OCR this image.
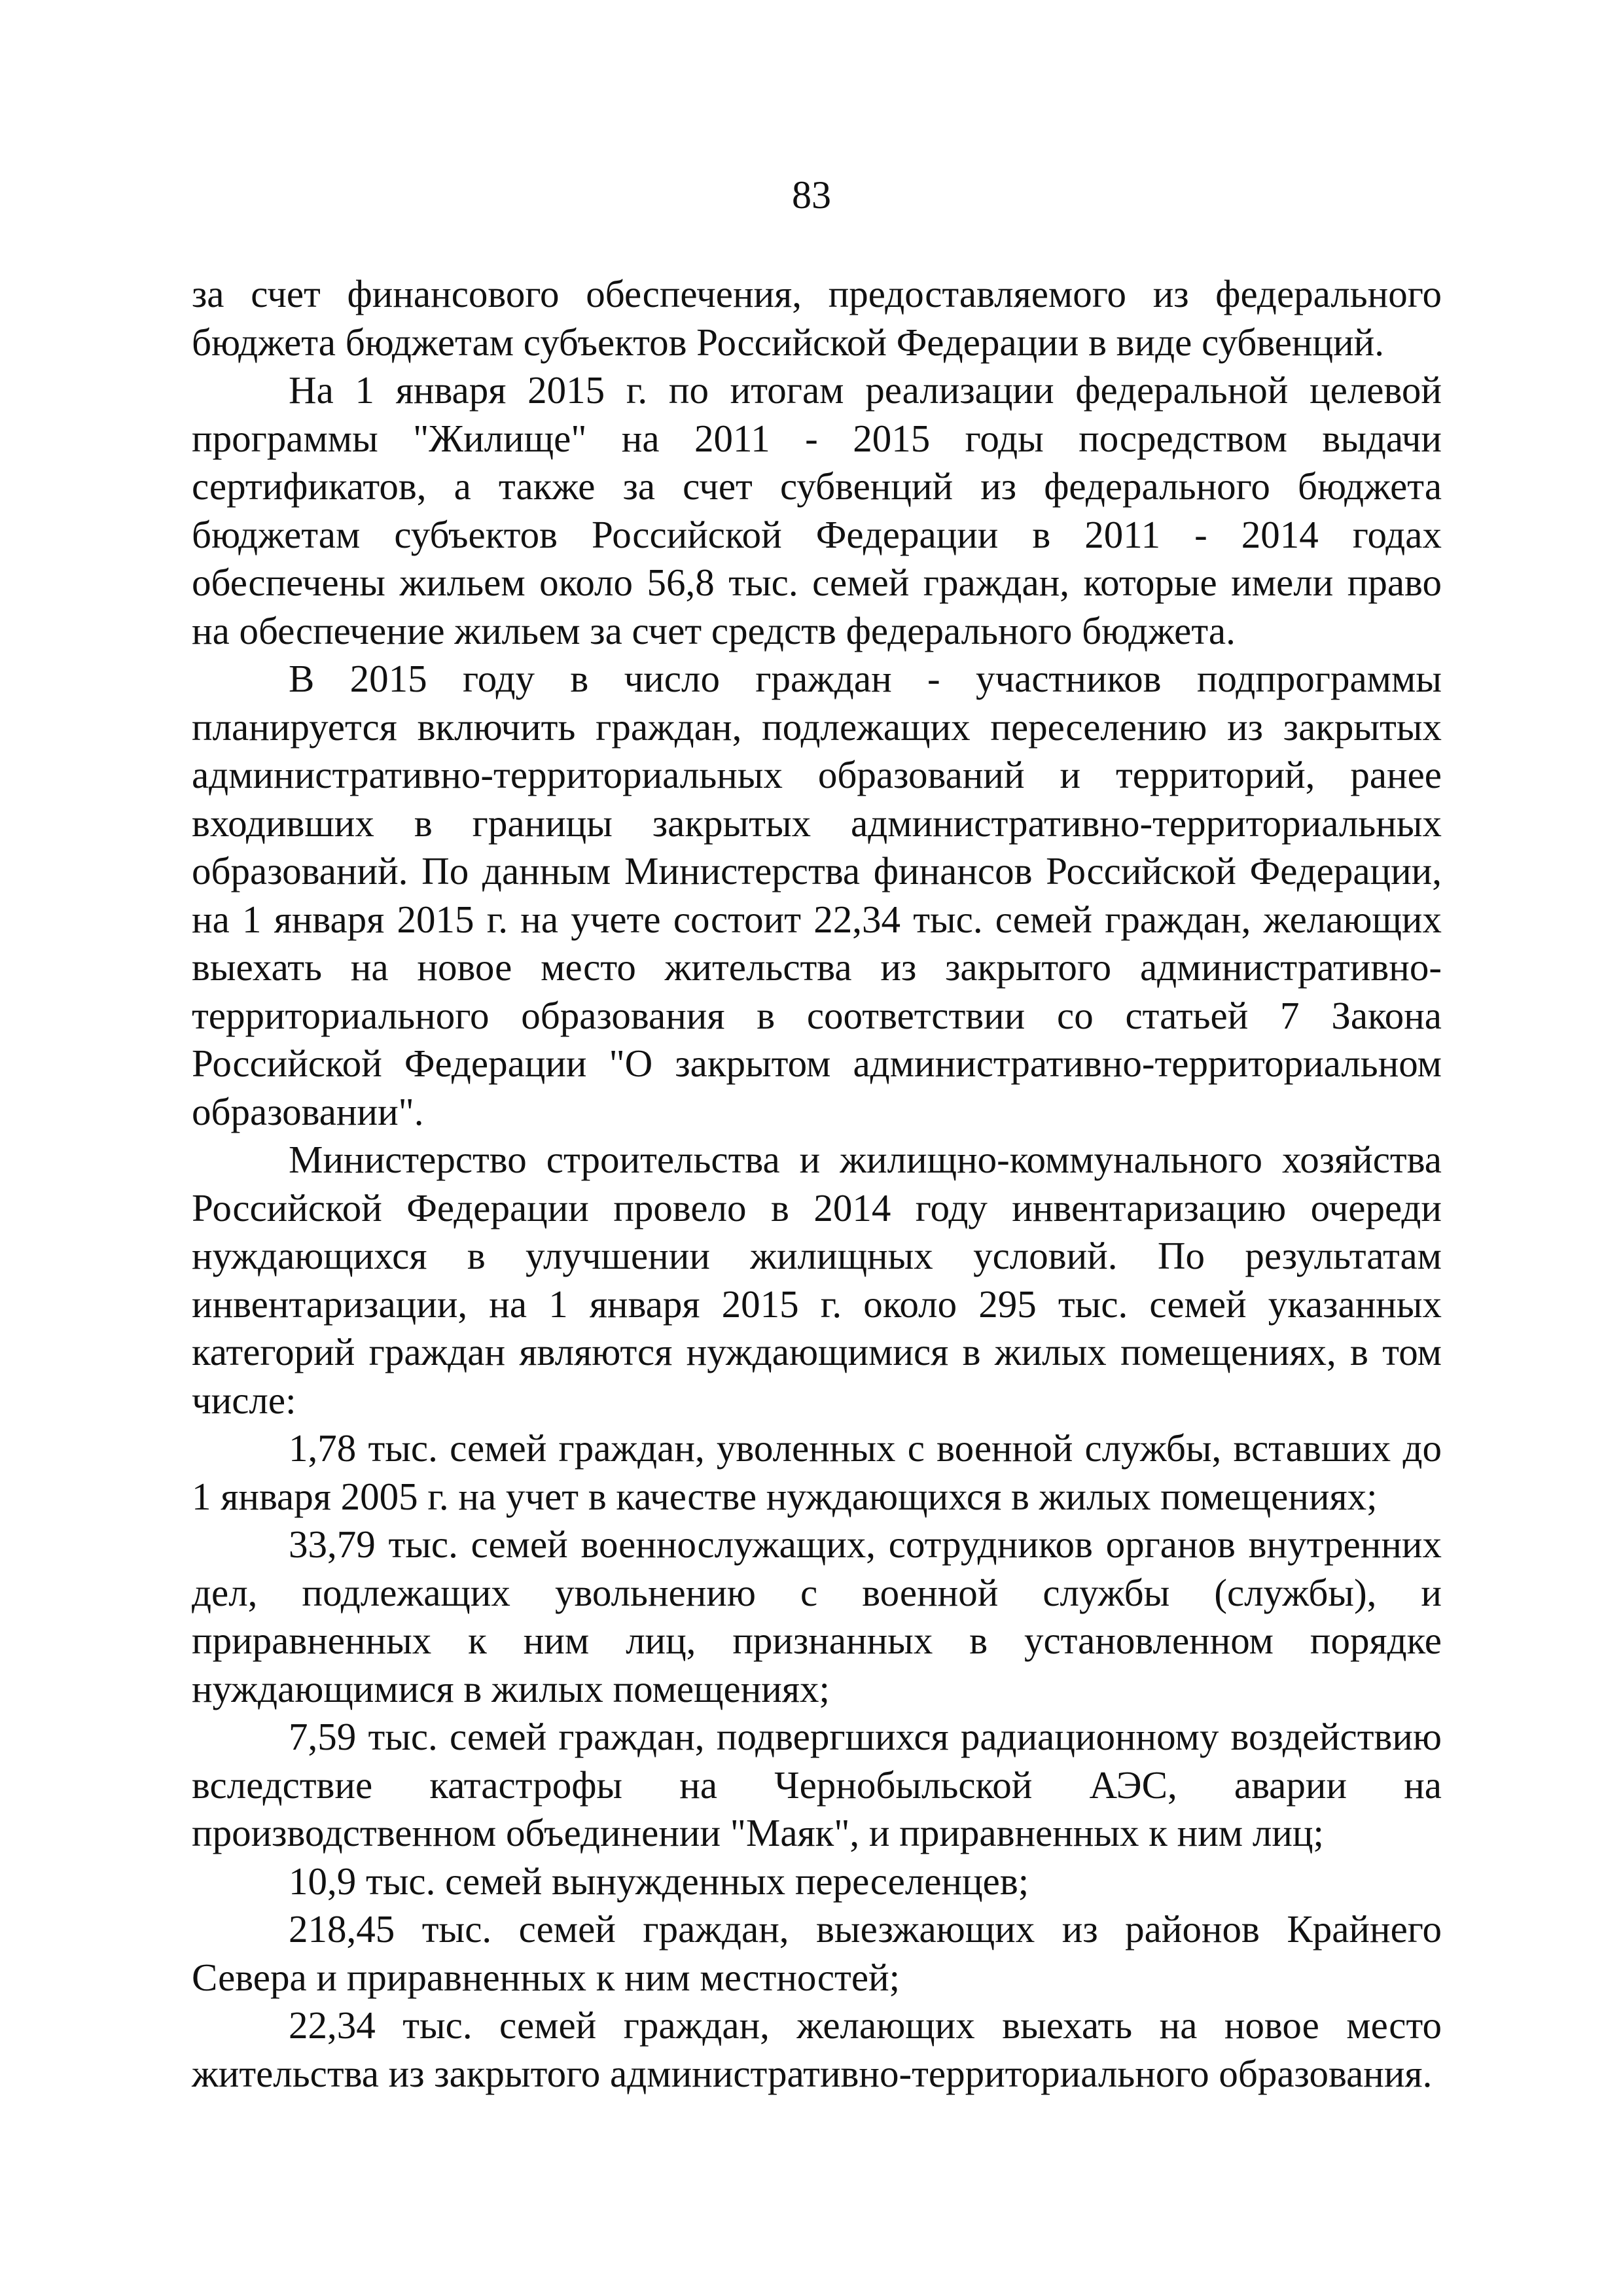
83

за счет финансового обеспечения, предоставляемого из федерального бюджета бюджетам субъектов Российской Федерации в виде субвенций.

На 1 января 2015 г. по итогам реализации федеральной целевой программы "Жилище" на 2011 - 2015 годы посредством выдачи сертификатов, а также за счет субвенций из федерального бюджета бюджетам субъектов Российской Федерации в 2011 - 2014 годах обеспечены жильем около 56,8 тыс. семей граждан, которые имели право на обеспечение жильем за счет средств федерального бюджета.

В 2015 году в число граждан - участников подпрограммы планируется включить граждан, подлежащих переселению из закрытых административно-территориальных образований и территорий, ранее входивших в границы закрытых административно-территориальных образований. По данным Министерства финансов Российской Федерации, на 1 января 2015 г. на учете состоит 22,34 тыс. семей граждан, желающих выехать на новое место жительства из закрытого административно-территориального образования в соответствии со статьей 7 Закона Российской Федерации "О закрытом административно-территориальном образовании".

Министерство строительства и жилищно-коммунального хозяйства Российской Федерации провело в 2014 году инвентаризацию очереди нуждающихся в улучшении жилищных условий. По результатам инвентаризации, на 1 января 2015 г. около 295 тыс. семей указанных категорий граждан являются нуждающимися в жилых помещениях, в том числе:

1,78 тыс. семей граждан, уволенных с военной службы, вставших до 1 января 2005 г. на учет в качестве нуждающихся в жилых помещениях;

33,79 тыс. семей военнослужащих, сотрудников органов внутренних дел, подлежащих увольнению с военной службы (службы), и приравненных к ним лиц, признанных в установленном порядке нуждающимися в жилых помещениях;

7,59 тыс. семей граждан, подвергшихся радиационному воздействию вследствие катастрофы на Чернобыльской АЭС, аварии на производственном объединении "Маяк", и приравненных к ним лиц;

10,9 тыс. семей вынужденных переселенцев;

218,45 тыс. семей граждан, выезжающих из районов Крайнего Севера и приравненных к ним местностей;

22,34 тыс. семей граждан, желающих выехать на новое место жительства из закрытого административно-территориального образования.
